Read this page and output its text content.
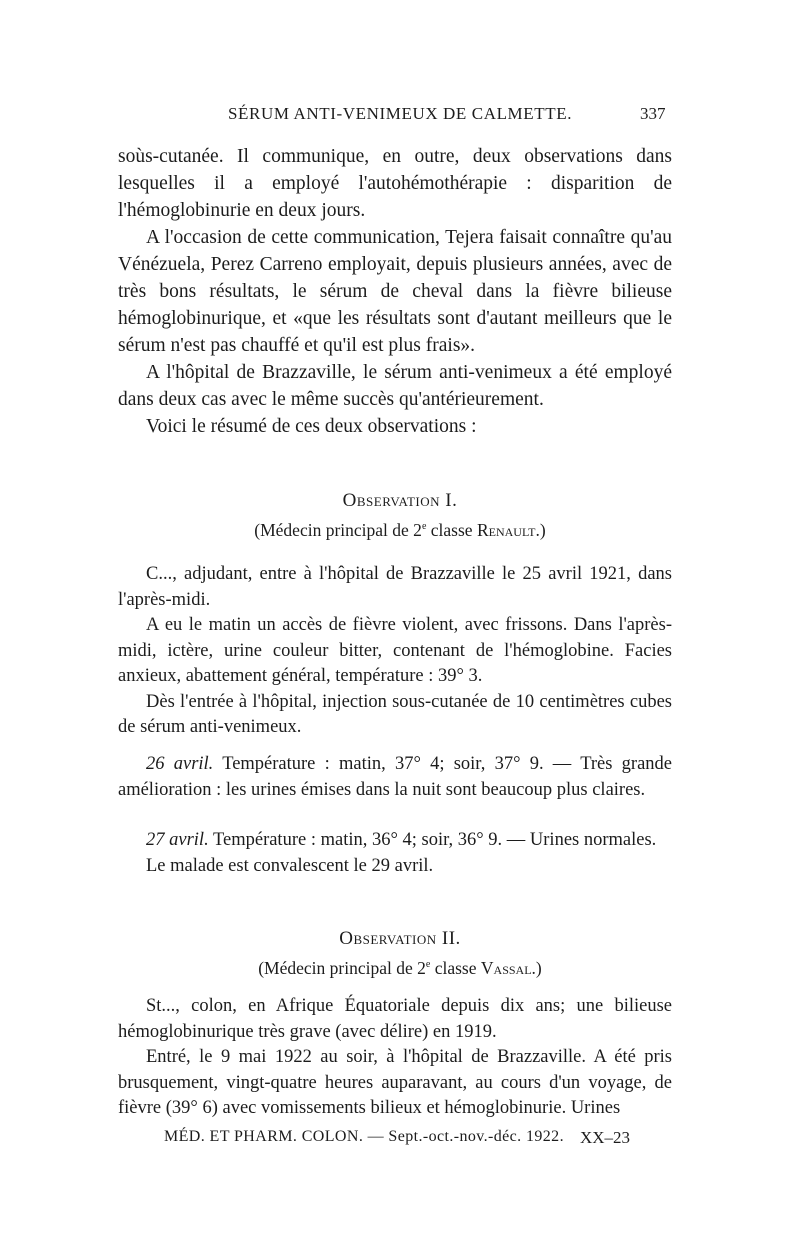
SÉRUM ANTI-VENIMEUX DE CALMETTE.	337

soùs-cutanée. Il communique, en outre, deux observations dans lesquelles il a employé l'autohémothérapie : disparition de l'hémoglobinurie en deux jours.

A l'occasion de cette communication, Tejera faisait connaître qu'au Vénézuela, Perez Carreno employait, depuis plusieurs années, avec de très bons résultats, le sérum de cheval dans la fièvre bilieuse hémoglobinurique, et «que les résultats sont d'autant meilleurs que le sérum n'est pas chauffé et qu'il est plus frais».

A l'hôpital de Brazzaville, le sérum anti-venimeux a été employé dans deux cas avec le même succès qu'antérieurement.

Voici le résumé de ces deux observations :

Observation I.
(Médecin principal de 2e classe Renault.)

C..., adjudant, entre à l'hôpital de Brazzaville le 25 avril 1921, dans l'après-midi.

A eu le matin un accès de fièvre violent, avec frissons. Dans l'après-midi, ictère, urine couleur bitter, contenant de l'hémoglobine. Facies anxieux, abattement général, température : 39° 3.

Dès l'entrée à l'hôpital, injection sous-cutanée de 10 centimètres cubes de sérum anti-venimeux.

26 avril. Température : matin, 37° 4; soir, 37° 9. — Très grande amélioration : les urines émises dans la nuit sont beaucoup plus claires.

27 avril. Température : matin, 36° 4; soir, 36° 9. — Urines normales.

Le malade est convalescent le 29 avril.

Observation II.
(Médecin principal de 2e classe Vassal.)

St..., colon, en Afrique Équatoriale depuis dix ans; une bilieuse hémoglobinurique très grave (avec délire) en 1919.

Entré, le 9 mai 1922 au soir, à l'hôpital de Brazzaville. A été pris brusquement, vingt-quatre heures auparavant, au cours d'un voyage, de fièvre (39° 6) avec vomissements bilieux et hémoglobinurie. Urines

MÉD. ET PHARM. COLON. — Sept.-oct.-nov.-déc. 1922. XX–23
